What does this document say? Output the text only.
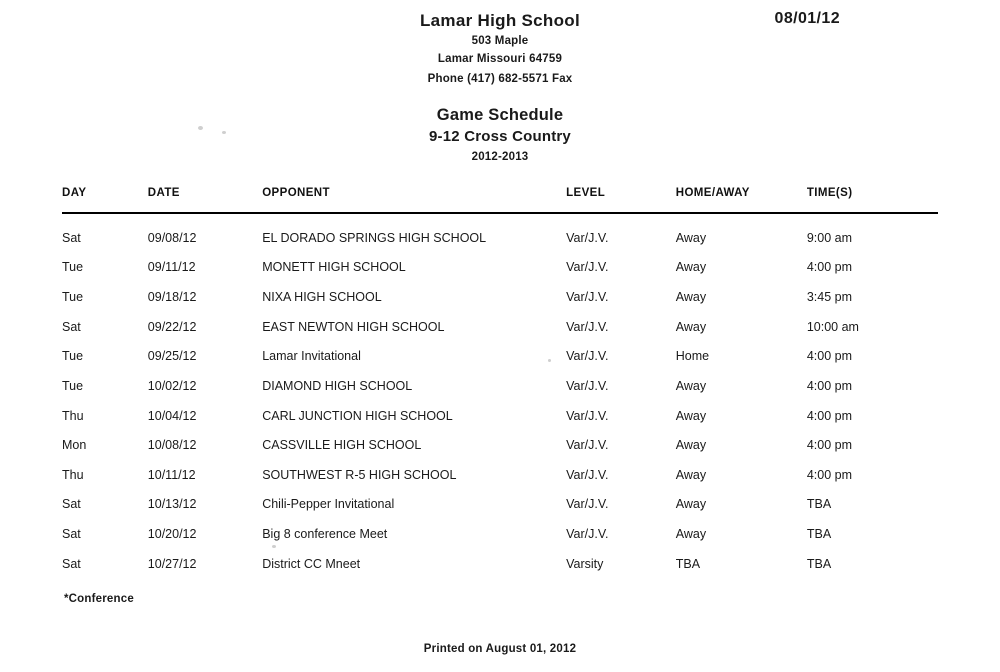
Lamar High School
503 Maple
Lamar Missouri 64759
Phone (417) 682-5571 Fax
08/01/12
Game Schedule
9-12 Cross Country
2012-2013
DAY	DATE	OPPONENT	LEVEL	HOME/AWAY	TIME(S)

Sat	09/08/12	EL DORADO SPRINGS HIGH SCHOOL	Var/J.V.	Away	9:00 am
Tue	09/11/12	MONETT HIGH SCHOOL	Var/J.V.	Away	4:00 pm
Tue	09/18/12	NIXA HIGH SCHOOL	Var/J.V.	Away	3:45 pm
Sat	09/22/12	EAST NEWTON HIGH SCHOOL	Var/J.V.	Away	10:00 am
Tue	09/25/12	Lamar Invitational	Var/J.V.	Home	4:00 pm
Tue	10/02/12	DIAMOND HIGH SCHOOL	Var/J.V.	Away	4:00 pm
Thu	10/04/12	CARL JUNCTION HIGH SCHOOL	Var/J.V.	Away	4:00 pm
Mon	10/08/12	CASSVILLE HIGH SCHOOL	Var/J.V.	Away	4:00 pm
Thu	10/11/12	SOUTHWEST R-5 HIGH SCHOOL	Var/J.V.	Away	4:00 pm
Sat	10/13/12	Chili-Pepper Invitational	Var/J.V.	Away	TBA
Sat	10/20/12	Big 8 conference Meet	Var/J.V.	Away	TBA
Sat	10/27/12	District CC Mneet	Varsity	TBA	TBA
*Conference
Printed on August 01, 2012
